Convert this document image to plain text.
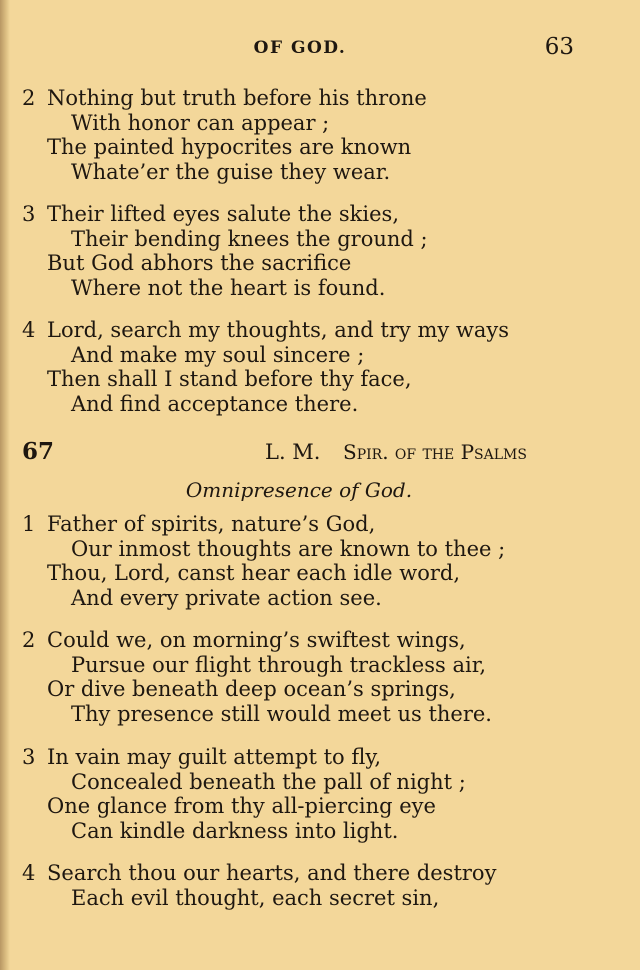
OF GOD.	63
2 Nothing but truth before his throne
With honor can appear ;
The painted hypocrites are known
Whate’er the guise they wear.
3 Their lifted eyes salute the skies,
Their bending knees the ground ;
But God abhors the sacrifice
Where not the heart is found.
4 Lord, search my thoughts, and try my ways
And make my soul sincere ;
Then shall I stand before thy face,
And find acceptance there.
67	L. M. Spir. of the Psalms
Omnipresence of God.
1 Father of spirits, nature’s God,
Our inmost thoughts are known to thee ;
Thou, Lord, canst hear each idle word,
And every private action see.
2 Could we, on morning’s swiftest wings,
Pursue our flight through trackless air,
Or dive beneath deep ocean’s springs,
Thy presence still would meet us there.
3 In vain may guilt attempt to fly,
Concealed beneath the pall of night ;
One glance from thy all-piercing eye
Can kindle darkness into light.
4 Search thou our hearts, and there destroy
Each evil thought, each secret sin,
